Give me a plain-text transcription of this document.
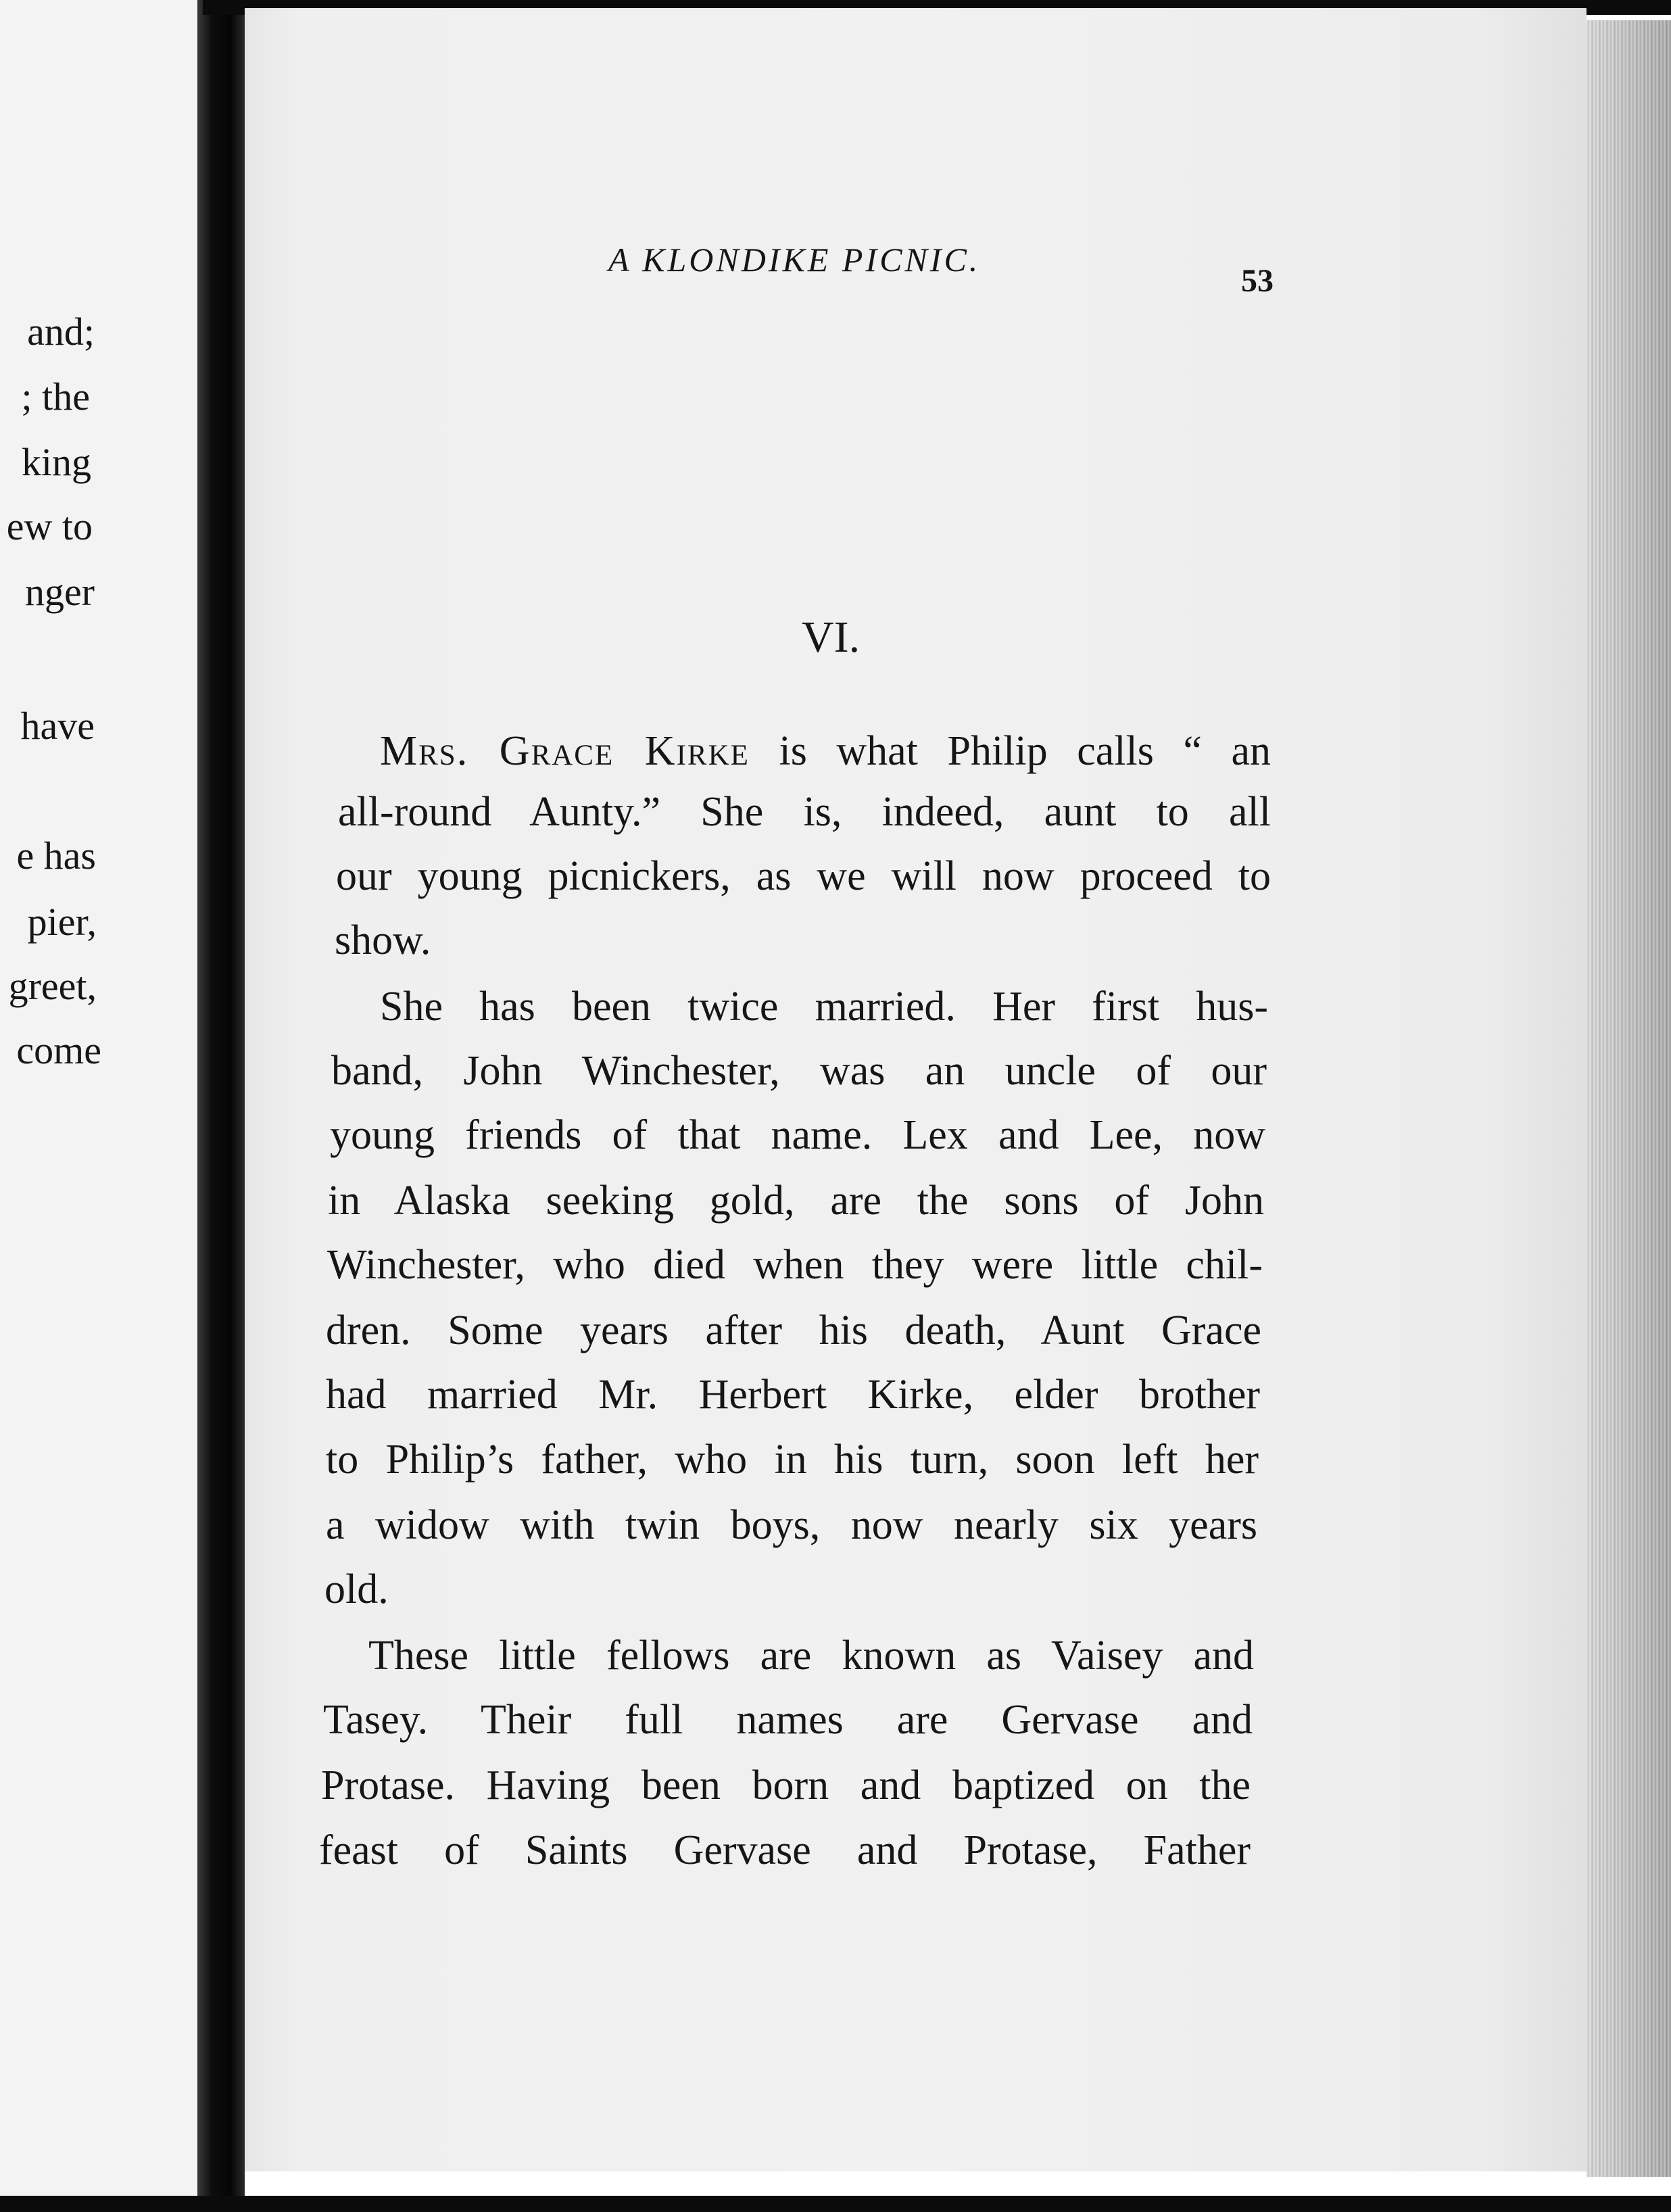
and;
; the
king
ew to
nger
have
e has
pier,
greet,
come
A KLONDIKE PICNIC.
53
VI.
Mrs. Grace Kirke is what Philip calls “ an
all-round Aunty.” She is, indeed, aunt to all
our young picnickers, as we will now proceed to
show.
She has been twice married. Her first hus-
band, John Winchester, was an uncle of our
young friends of that name. Lex and Lee, now
in Alaska seeking gold, are the sons of John
Winchester, who died when they were little chil-
dren. Some years after his death, Aunt Grace
had married Mr. Herbert Kirke, elder brother
to Philip’s father, who in his turn, soon left her
a widow with twin boys, now nearly six years
old.
These little fellows are known as Vaisey and
Tasey. Their full names are Gervase and
Protase. Having been born and baptized on the
feast of Saints Gervase and Protase, Father
